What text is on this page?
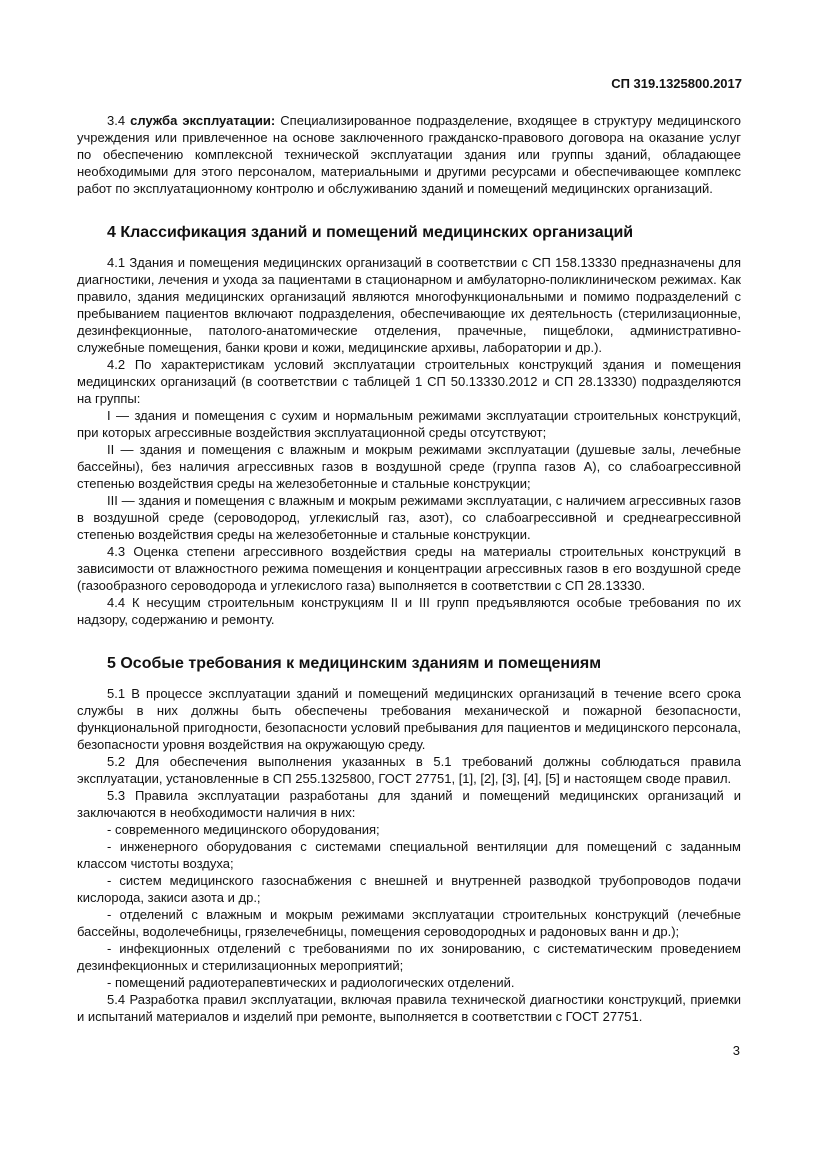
СП 319.1325800.2017

3.4 служба эксплуатации: Специализированное подразделение, входящее в структуру медицинского учреждения или привлеченное на основе заключенного гражданско-правового договора на оказание услуг по обеспечению комплексной технической эксплуатации здания или группы зданий, обладающее необходимыми для этого персоналом, материальными и другими ресурсами и обеспечивающее комплекс работ по эксплуатационному контролю и обслуживанию зданий и помещений медицинских организаций.

4 Классификация зданий и помещений медицинских организаций

4.1 Здания и помещения медицинских организаций в соответствии с СП 158.13330 предназначены для диагностики, лечения и ухода за пациентами в стационарном и амбулаторно-поликлиническом режимах. Как правило, здания медицинских организаций являются многофункциональными и помимо подразделений с пребыванием пациентов включают подразделения, обеспечивающие их деятельность (стерилизационные, дезинфекционные, патолого-анатомические отделения, прачечные, пищеблоки, административно-служебные помещения, банки крови и кожи, медицинские архивы, лаборатории и др.).

4.2 По характеристикам условий эксплуатации строительных конструкций здания и помещения медицинских организаций (в соответствии с таблицей 1 СП 50.13330.2012 и СП 28.13330) подразделяются на группы:

I — здания и помещения с сухим и нормальным режимами эксплуатации строительных конструкций, при которых агрессивные воздействия эксплуатационной среды отсутствуют;

II — здания и помещения с влажным и мокрым режимами эксплуатации (душевые залы, лечебные бассейны), без наличия агрессивных газов в воздушной среде (группа газов А), со слабоагрессивной степенью воздействия среды на железобетонные и стальные конструкции;

III — здания и помещения с влажным и мокрым режимами эксплуатации, с наличием агрессивных газов в воздушной среде (сероводород, углекислый газ, азот), со слабоагрессивной и среднеагрессивной степенью воздействия среды на железобетонные и стальные конструкции.

4.3 Оценка степени агрессивного воздействия среды на материалы строительных конструкций в зависимости от влажностного режима помещения и концентрации агрессивных газов в его воздушной среде (газообразного сероводорода и углекислого газа) выполняется в соответствии с СП 28.13330.

4.4 К несущим строительным конструкциям II и III групп предъявляются особые требования по их надзору, содержанию и ремонту.

5 Особые требования к медицинским зданиям и помещениям

5.1 В процессе эксплуатации зданий и помещений медицинских организаций в течение всего срока службы в них должны быть обеспечены требования механической и пожарной безопасности, функциональной пригодности, безопасности условий пребывания для пациентов и медицинского персонала, безопасности уровня воздействия на окружающую среду.

5.2 Для обеспечения выполнения указанных в 5.1 требований должны соблюдаться правила эксплуатации, установленные в СП 255.1325800, ГОСТ 27751, [1], [2], [3], [4], [5] и настоящем своде правил.

5.3 Правила эксплуатации разработаны для зданий и помещений медицинских организаций и заключаются в необходимости наличия в них:

- современного медицинского оборудования;

- инженерного оборудования с системами специальной вентиляции для помещений с заданным классом чистоты воздуха;

- систем медицинского газоснабжения с внешней и внутренней разводкой трубопроводов подачи кислорода, закиси азота и др.;

- отделений с влажным и мокрым режимами эксплуатации строительных конструкций (лечебные бассейны, водолечебницы, грязелечебницы, помещения сероводородных и радоновых ванн и др.);

- инфекционных отделений с требованиями по их зонированию, с систематическим проведением дезинфекционных и стерилизационных мероприятий;

- помещений радиотерапевтических и радиологических отделений.

5.4 Разработка правил эксплуатации, включая правила технической диагностики конструкций, приемки и испытаний материалов и изделий при ремонте, выполняется в соответствии с ГОСТ 27751.

3
